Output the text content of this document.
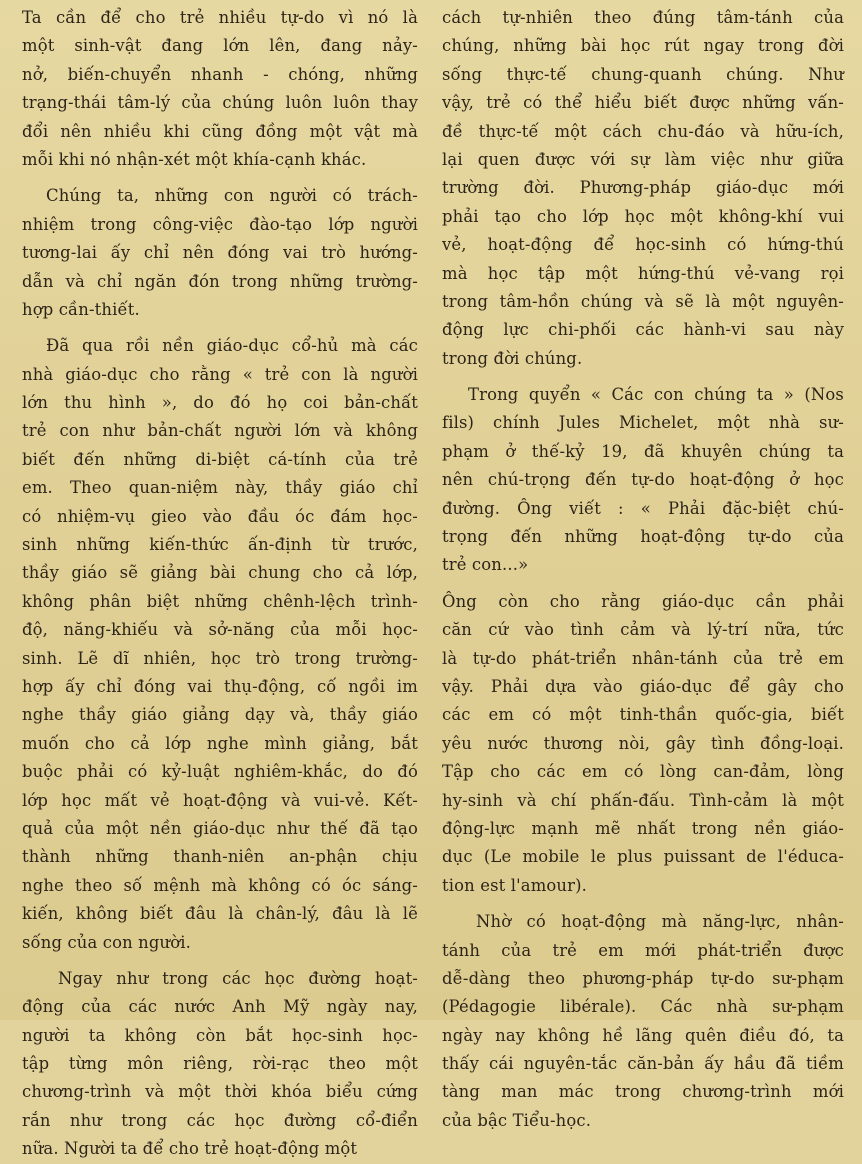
Ta cần để cho trẻ nhiều tự-do vì nó là
một sinh-vật đang lớn lên, đang nảy-
nở, biến-chuyển nhanh - chóng, những
trạng-thái tâm-lý của chúng luôn luôn thay
đổi nên nhiều khi cũng đồng một vật mà
mỗi khi nó nhận-xét một khía-cạnh khác.
Chúng ta, những con người có trách-
nhiệm trong công-việc đào-tạo lớp người
tương-lai ấy chỉ nên đóng vai trò hướng-
dẫn và chỉ ngăn đón trong những trường-
hợp cần-thiết.
Đã qua rồi nền giáo-dục cổ-hủ mà các
nhà giáo-dục cho rằng « trẻ con là người
lớn thu hình », do đó họ coi bản-chất
trẻ con như bản-chất người lớn và không
biết đến những di-biệt cá-tính của trẻ
em. Theo quan-niệm này, thầy giáo chỉ
có nhiệm-vụ gieo vào đầu óc đám học-
sinh những kiến-thức ấn-định từ trước,
thầy giáo sẽ giảng bài chung cho cả lớp,
không phân biệt những chênh-lệch trình-
độ, năng-khiếu và sở-năng của mỗi học-
sinh. Lẽ dĩ nhiên, học trò trong trường-
hợp ấy chỉ đóng vai thụ-động, cố ngồi im
nghe thầy giáo giảng dạy và, thầy giáo
muốn cho cả lớp nghe mình giảng, bắt
buộc phải có kỷ-luật nghiêm-khắc, do đó
lớp học mất vẻ hoạt-động và vui-vẻ. Kết-
quả của một nền giáo-dục như thế đã tạo
thành những thanh-niên an-phận chịu
nghe theo số mệnh mà không có óc sáng-
kiến, không biết đâu là chân-lý, đâu là lẽ
sống của con người.
Ngay như trong các học đường hoạt-
động của các nước Anh Mỹ ngày nay,
người ta không còn bắt học-sinh học-
tập từng môn riêng, rời-rạc theo một
chương-trình và một thời khóa biểu cứng
rắn như trong các học đường cổ-điển
nữa. Người ta để cho trẻ hoạt-động một
cách tự-nhiên theo đúng tâm-tánh của
chúng, những bài học rút ngay trong đời
sống thực-tế chung-quanh chúng. Như
vậy, trẻ có thể hiểu biết được những vấn-
đề thực-tế một cách chu-đáo và hữu-ích,
lại quen được với sự làm việc như giữa
trường đời. Phương-pháp giáo-dục mới
phải tạo cho lớp học một không-khí vui
vẻ, hoạt-động để học-sinh có hứng-thú
mà học tập một hứng-thú vẻ-vang rọi
trong tâm-hồn chúng và sẽ là một nguyên-
động lực chi-phối các hành-vi sau này
trong đời chúng.
Trong quyển « Các con chúng ta » (Nos
fils) chính Jules Michelet, một nhà sư-
phạm ở thế-kỷ 19, đã khuyên chúng ta
nên chú-trọng đến tự-do hoạt-động ở học
đường. Ông viết : « Phải đặc-biệt chú-
trọng đến những hoạt-động tự-do của
trẻ con...»
Ông còn cho rằng giáo-dục cần phải
căn cứ vào tình cảm và lý-trí nữa, tức
là tự-do phát-triển nhân-tánh của trẻ em
vậy. Phải dựa vào giáo-dục để gây cho
các em có một tinh-thần quốc-gia, biết
yêu nước thương nòi, gây tình đồng-loại.
Tập cho các em có lòng can-đảm, lòng
hy-sinh và chí phấn-đấu. Tình-cảm là một
động-lực mạnh mẽ nhất trong nền giáo-
dục (Le mobile le plus puissant de l'éduca-
tion est l'amour).
Nhờ có hoạt-động mà năng-lực, nhân-
tánh của trẻ em mới phát-triển được
dễ-dàng theo phương-pháp tự-do sư-phạm
(Pédagogie libérale). Các nhà sư-phạm
ngày nay không hề lãng quên điều đó, ta
thấy cái nguyên-tắc căn-bản ấy hầu đã tiềm
tàng man mác trong chương-trình mới
của bậc Tiểu-học.
